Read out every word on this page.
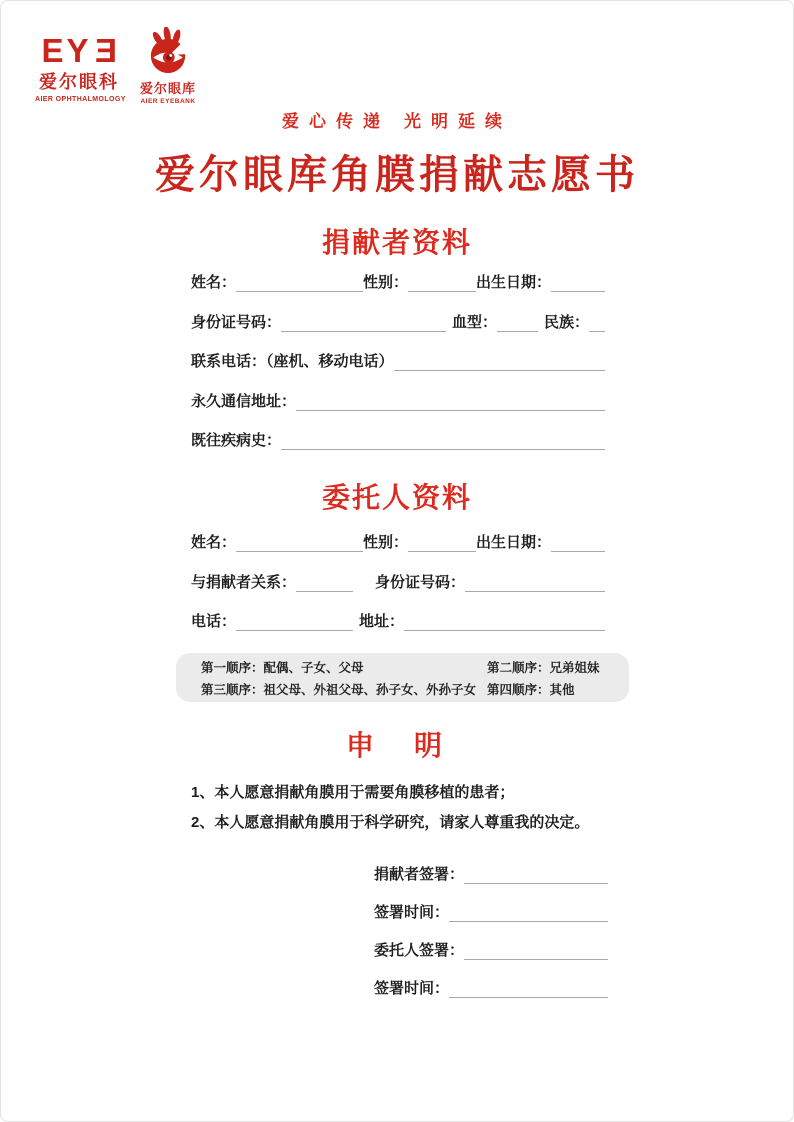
EYE
爱尔眼科
AIER OPHTHALMOLOGY
爱尔眼库
AIER EYEBANK
爱心传递 光明延续
爱尔眼库角膜捐献志愿书
捐献者资料
姓名：	性别：	出生日期：
身份证号码：	血型：	民族：
联系电话：（座机、移动电话）
永久通信地址：
既往疾病史：
委托人资料
姓名：	性别：	出生日期：
与捐献者关系：	身份证号码：
电话：	地址：
第一顺序：配偶、子女、父母	第二顺序：兄弟姐妹
第三顺序：祖父母、外祖父母、孙子女、外孙子女 第四顺序：其他
申　明
1、本人愿意捐献角膜用于需要角膜移植的患者；
2、本人愿意捐献角膜用于科学研究，请家人尊重我的决定。
捐献者签署：
签署时间：
委托人签署：
签署时间：
